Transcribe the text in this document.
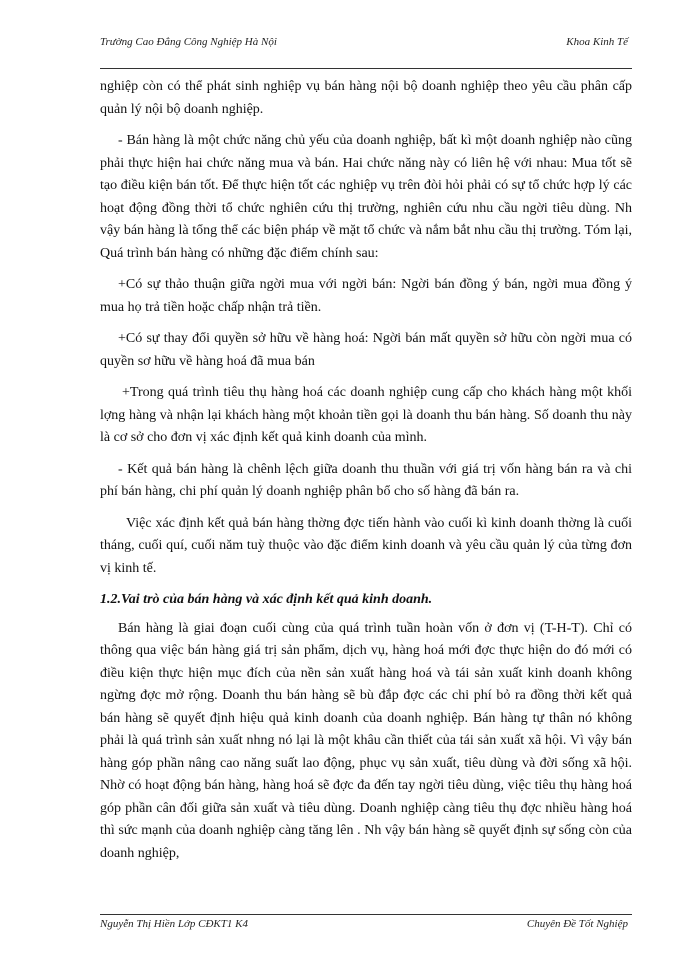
Trường Cao Đẳng Công Nghiệp Hà Nội	Khoa Kinh Tế

nghiệp còn có thể phát sinh nghiệp vụ bán hàng nội bộ doanh nghiệp theo yêu cầu phân cấp quản lý nội bộ doanh nghiệp.

- Bán hàng là một chức năng chủ yếu của doanh nghiệp, bất kì một doanh nghiệp nào cũng phải thực hiện hai chức năng mua và bán. Hai chức năng này có liên hệ với nhau: Mua tốt sẽ tạo điều kiện bán tốt. Để thực hiện tốt các nghiệp vụ trên đòi hỏi phải có sự tổ chức hợp lý các hoạt động đồng thời tổ chức nghiên cứu thị trường, nghiên cứu nhu cầu ngời tiêu dùng. Nh vậy bán hàng là tổng thể các biện pháp về mặt tổ chức và nắm bắt nhu cầu thị trường. Tóm lại, Quá trình bán hàng có những đặc điểm chính sau:

+Có sự thảo thuận giữa ngời mua với ngời bán: Ngời bán đồng ý bán, ngời mua đồng ý mua họ trả tiền hoặc chấp nhận trả tiền.

+Có sự thay đổi quyền sở hữu về hàng hoá: Ngời bán mất quyền sở hữu còn ngời mua có quyền sơ hữu về hàng hoá đã mua bán

+Trong quá trình tiêu thụ hàng hoá các doanh nghiệp cung cấp cho khách hàng một khối lợng hàng và nhận lại khách hàng một khoản tiền gọi là doanh thu bán hàng. Số doanh thu này là cơ sở cho đơn vị xác định kết quả kinh doanh của mình.

- Kết quả bán hàng là chênh lệch giữa doanh thu thuần với giá trị vốn hàng bán ra và chi phí bán hàng, chi phí quản lý doanh nghiệp phân bổ cho số hàng đã bán ra.

Việc xác định kết quả bán hàng thờng đợc tiến hành vào cuối kì kinh doanh thờng là cuối tháng, cuối quí, cuối năm tuỳ thuộc vào đặc điểm kinh doanh và yêu cầu quản lý của từng đơn vị kinh tế.

1.2.Vai trò của bán hàng và xác định kết quả kinh doanh.

Bán hàng là giai đoạn cuối cùng của quá trình tuần hoàn vốn ở đơn vị (T-H-T). Chỉ có thông qua việc bán hàng giá trị sản phẩm, dịch vụ, hàng hoá mới đợc thực hiện do đó mới có điều kiện thực hiện mục đích của nền sản xuất hàng hoá và tái sản xuất kinh doanh không ngừng đợc mở rộng. Doanh thu bán hàng sẽ bù đắp đợc các chi phí bỏ ra đồng thời kết quả bán hàng sẽ quyết định hiệu quả kinh doanh của doanh nghiệp. Bán hàng tự thân nó không phải là quá trình sản xuất nhng nó lại là một khâu cần thiết của tái sản xuất xã hội. Vì vậy bán hàng góp phần nâng cao năng suất lao động, phục vụ sản xuất, tiêu dùng và đời sống xã hội. Nhờ có hoạt động bán hàng, hàng hoá sẽ đợc đa đến tay ngời tiêu dùng, việc tiêu thụ hàng hoá góp phần cân đối giữa sản xuất và tiêu dùng. Doanh nghiệp càng tiêu thụ đợc nhiều hàng hoá thì sức mạnh của doanh nghiệp càng tăng lên . Nh vậy bán hàng sẽ quyết định sự sống còn của doanh nghiệp,

Nguyễn Thị Hiền Lớp CĐKT1 K4	Chuyên Đề Tốt Nghiệp
